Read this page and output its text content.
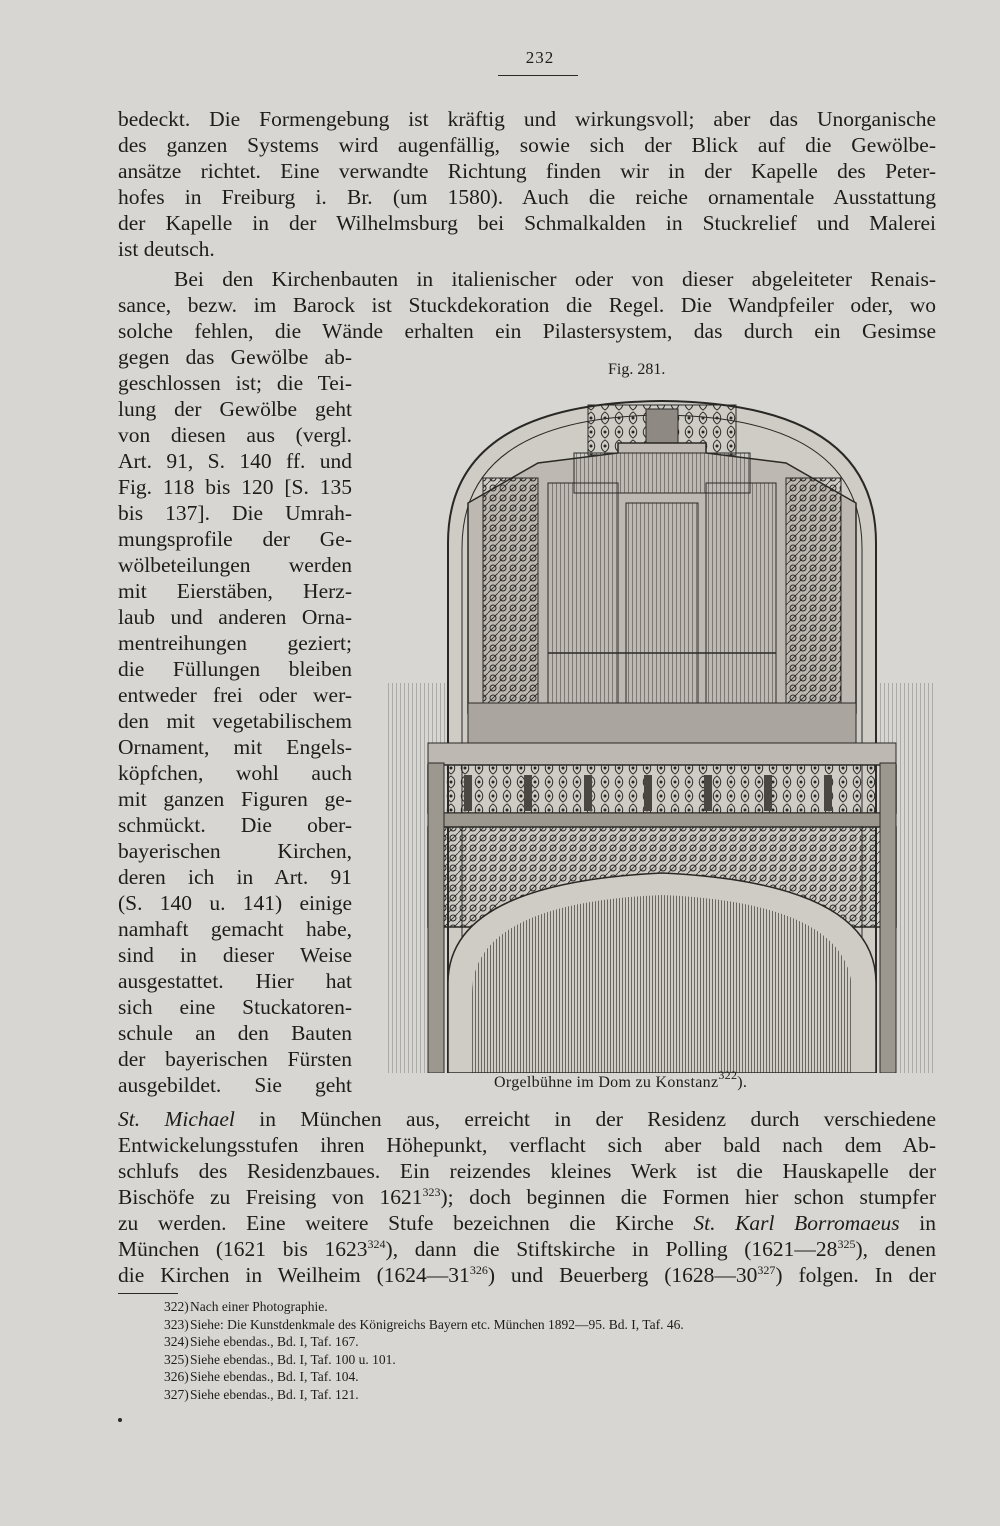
232
bedeckt. Die Formengebung ist kräftig und wirkungsvoll; aber das Unorganische
des ganzen Systems wird augenfällig, sowie sich der Blick auf die Gewölbe-
ansätze richtet. Eine verwandte Richtung finden wir in der Kapelle des Peter-
hofes in Freiburg i. Br. (um 1580). Auch die reiche ornamentale Ausstattung
der Kapelle in der Wilhelmsburg bei Schmalkalden in Stuckrelief und Malerei
ist deutsch.
Bei den Kirchenbauten in italienischer oder von dieser abgeleiteter Renais-
sance, bezw. im Barock ist Stuckdekoration die Regel. Die Wandpfeiler oder, wo
solche fehlen, die Wände erhalten ein Pilastersystem, das durch ein Gesimse
gegen das Gewölbe ab-
geschlossen ist; die Tei-
lung der Gewölbe geht
von diesen aus (vergl.
Art. 91, S. 140 ff. und
Fig. 118 bis 120 [S. 135
bis 137]. Die Umrah-
mungsprofile der Ge-
wölbeteilungen werden
mit Eierstäben, Herz-
laub und anderen Orna-
mentreihungen geziert;
die Füllungen bleiben
entweder frei oder wer-
den mit vegetabilischem
Ornament, mit Engels-
köpfchen, wohl auch
mit ganzen Figuren ge-
schmückt. Die ober-
bayerischen Kirchen,
deren ich in Art. 91
(S. 140 u. 141) einige
namhaft gemacht habe,
sind in dieser Weise
ausgestattet. Hier hat
sich eine Stuckatoren-
schule an den Bauten
der bayerischen Fürsten
ausgebildet. Sie geht
Fig. 281.
Orgelbühne im Dom zu Konstanz$^{322}$).
St. Michael in München aus, erreicht in der Residenz durch verschiedene
Entwickelungsstufen ihren Höhepunkt, verflacht sich aber bald nach dem Ab-
schlufs des Residenzbaues. Ein reizendes kleines Werk ist die Hauskapelle der
Bischöfe zu Freising von 1621$^{323}$); doch beginnen die Formen hier schon stumpfer
zu werden. Eine weitere Stufe bezeichnen die Kirche St. Karl Borromaeus in
München (1621 bis 1623$^{324}$), dann die Stiftskirche in Polling $(1621—28^{325})$, denen
die Kirchen in Weilheim $(1624—31^{326})$ und Beuerberg $(1628—30^{327})$ folgen. In der
322)Nach einer Photographie.
323)Siehe: Die Kunstdenkmale des Königreichs Bayern etc. München 1892—95. Bd. I, Taf. 46.
324)Siehe ebendas., Bd. I, Taf. 167.
325)Siehe ebendas., Bd. I, Taf. 100 u. 101.
326)Siehe ebendas., Bd. I, Taf. 104.
327)Siehe ebendas., Bd. I, Taf. 121.
